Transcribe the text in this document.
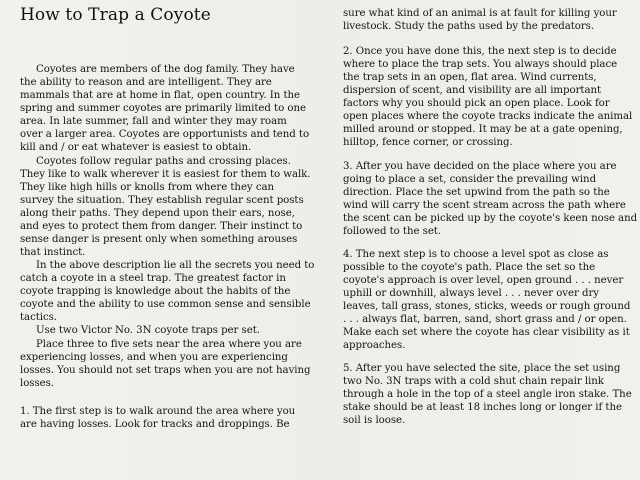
How to Trap a Coyote
Coyotes are members of the dog family. They have
the ability to reason and are intelligent. They are
mammals that are at home in flat, open country. In the
spring and summer coyotes are primarily limited to one
area. In late summer, fall and winter they may roam
over a larger area. Coyotes are opportunists and tend to
kill and / or eat whatever is easiest to obtain.
Coyotes follow regular paths and crossing places.
They like to walk wherever it is easiest for them to walk.
They like high hills or knolls from where they can
survey the situation. They establish regular scent posts
along their paths. They depend upon their ears, nose,
and eyes to protect them from danger. Their instinct to
sense danger is present only when something arouses
that instinct.
In the above description lie all the secrets you need to
catch a coyote in a steel trap. The greatest factor in
coyote trapping is knowledge about the habits of the
coyote and the ability to use common sense and sensible
tactics.
Use two Victor No. 3N coyote traps per set.
Place three to five sets near the area where you are
experiencing losses, and when you are experiencing
losses. You should not set traps when you are not having
losses.
1. The first step is to walk around the area where you
are having losses. Look for tracks and droppings. Be
sure what kind of an animal is at fault for killing your
livestock. Study the paths used by the predators.
2. Once you have done this, the next step is to decide
where to place the trap sets. You always should place
the trap sets in an open, flat area. Wind currents,
dispersion of scent, and visibility are all important
factors why you should pick an open place. Look for
open places where the coyote tracks indicate the animal
milled around or stopped. It may be at a gate opening,
hilltop, fence corner, or crossing.
3. After you have decided on the place where you are
going to place a set, consider the prevailing wind
direction. Place the set upwind from the path so the
wind will carry the scent stream across the path where
the scent can be picked up by the coyote's keen nose and
followed to the set.
4. The next step is to choose a level spot as close as
possible to the coyote's path. Place the set so the
coyote's approach is over level, open ground . . . never
uphill or downhill, always level . . . never over dry
leaves, tall grass, stones, sticks, weeds or rough ground
. . . always flat, barren, sand, short grass and / or open.
Make each set where the coyote has clear visibility as it
approaches.
5. After you have selected the site, place the set using
two No. 3N traps with a cold shut chain repair link
through a hole in the top of a steel angle iron stake. The
stake should be at least 18 inches long or longer if the
soil is loose.
